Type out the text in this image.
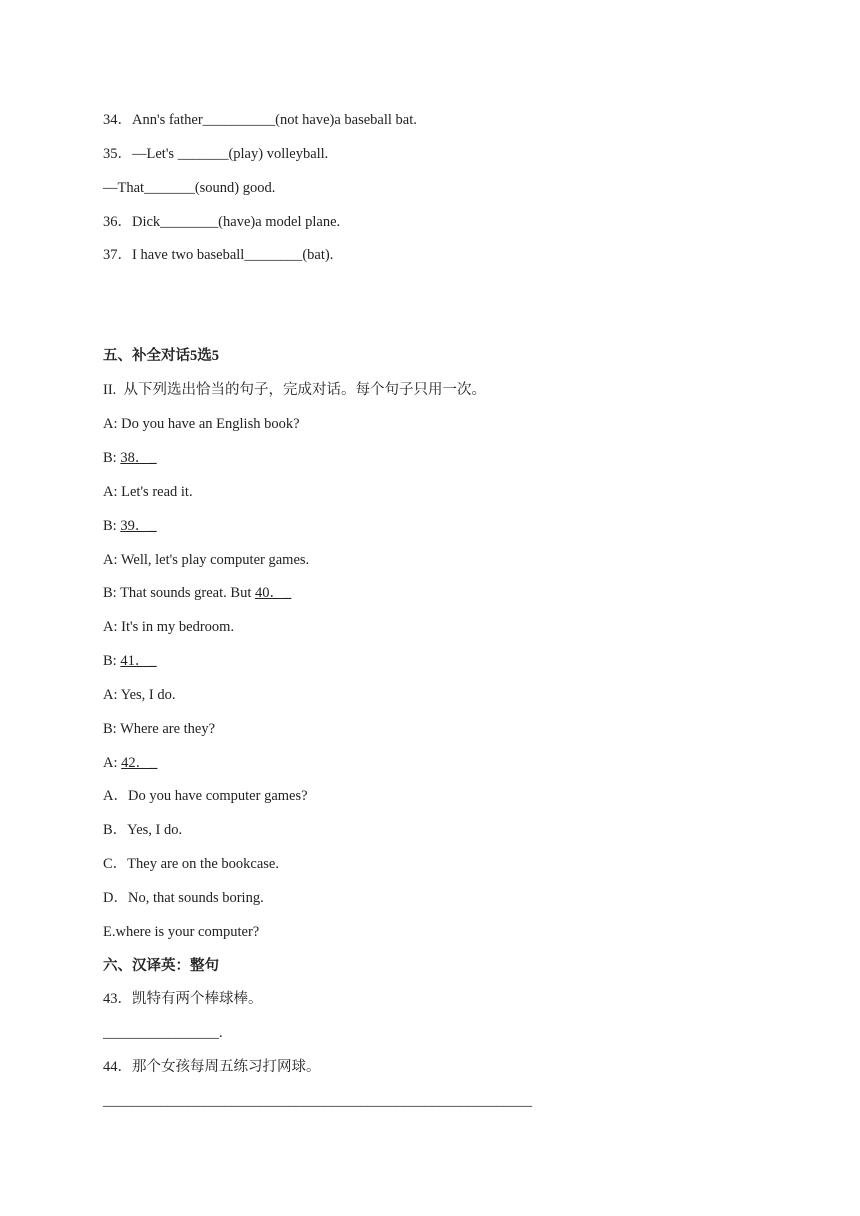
34．Ann's father__________(not have)a baseball bat.
35．—Let's _______(play) volleyball.
—That_______(sound) good.
36．Dick________(have)a model plane.
37．I have two baseball________(bat).
五、补全对话5选5
II.  从下列选出恰当的句子，完成对话。每个句子只用一次。
A: Do you have an English book?
B: 38．_
A: Let's read it.
B: 39．_
A: Well, let's play computer games.
B: That sounds great. But 40．_
A: It's in my bedroom.
B: 41．_
A: Yes, I do.
B: Where are they?
A: 42．_
A．Do you have computer games?
B．Yes, I do.
C．They are on the bookcase.
D．No, that sounds boring.
E.where is your computer?
六、汉译英：整句
43．凯特有两个棒球棒。
________________.
44．那个女孩每周五练习打网球。
____________________________________________________________
